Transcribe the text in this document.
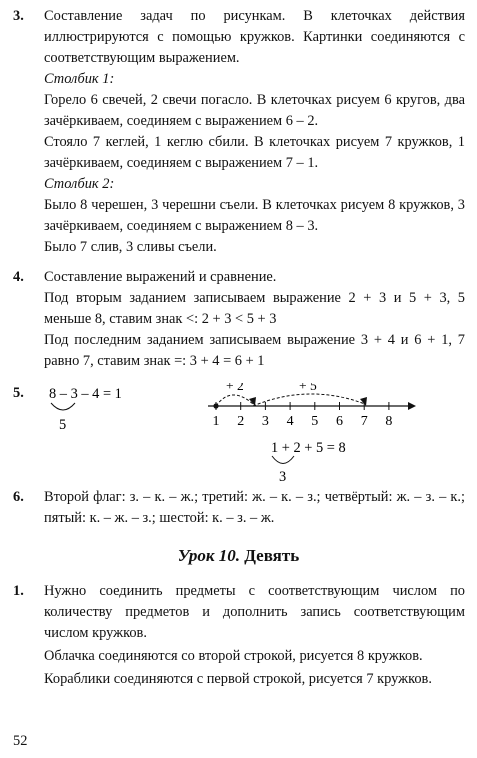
3. Составление задач по рисункам. В клеточках действия иллюстрируются с помощью кружков. Картинки соединяются с соответствующим выражением.

Столбик 1:

Горело 6 свечей, 2 свечи погасло. В клеточках рисуем 6 кругов, два зачёркиваем, соединяем с выражением 6 – 2.

Стояло 7 кеглей, 1 кеглю сбили. В клеточках рисуем 7 кружков, 1 зачёркиваем, соединяем с выражением 7 – 1.

Столбик 2:

Было 8 черешен, 3 черешни съели. В клеточках рисуем 8 кружков, 3 зачёркиваем, соединяем с выражением 8 – 3.

Было 7 слив, 3 сливы съели.

4. Составление выражений и сравнение.

Под вторым заданием записываем выражение 2 + 3 и 5 + 3, 5 меньше 8, ставим знак <: 2 + 3 < 5 + 3

Под последним заданием записываем выражение 3 + 4 и 6 + 1, 7 равно 7, ставим знак =: 3 + 4 = 6 + 1

5. 8 – 3 – 4 = 1
5	1 2 3 4 5 6 7 8
+ 2	+ 5
1 + 2 + 5 = 8
3
6. Второй флаг: з. – к. – ж.; третий: ж. – к. – з.; четвёртый: ж. – з. – к.; пятый: к. – ж. – з.; шестой: к. – з. – ж.

Урок 10. Девять
1. Нужно соединить предметы с соответствующим числом по количеству предметов и дополнить запись соответствующим числом кружков.

Облачка соединяются со второй строкой, рисуется 8 кружков.

Кораблики соединяются с первой строкой, рисуется 7 кружков.

52
